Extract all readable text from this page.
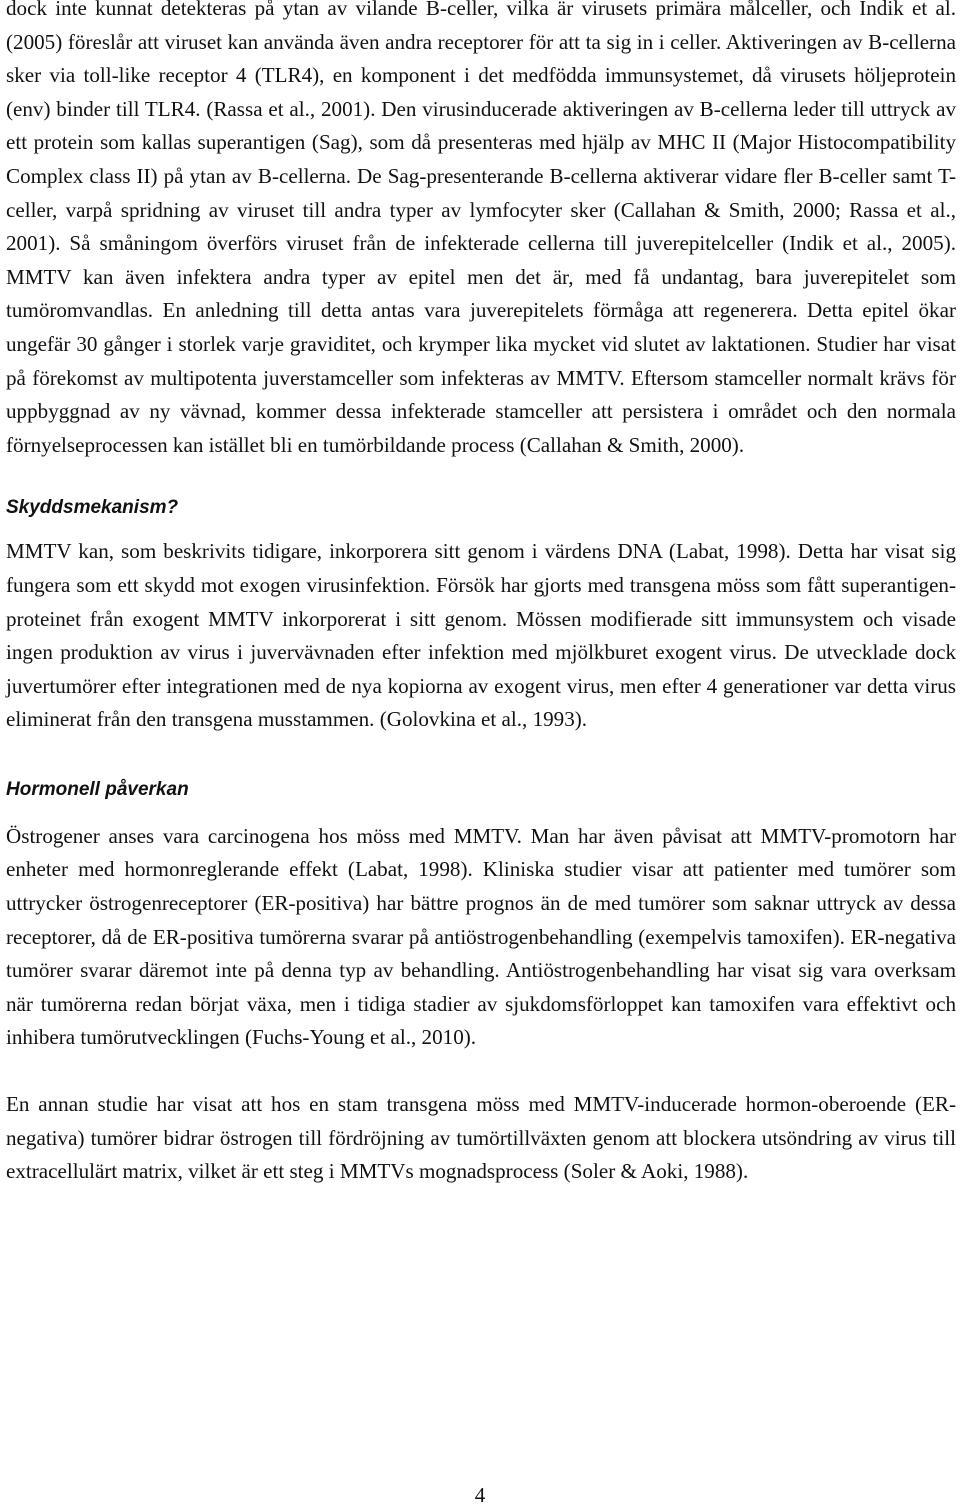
dock inte kunnat detekteras på ytan av vilande B-celler, vilka är virusets primära målceller, och Indik et al. (2005) föreslår att viruset kan använda även andra receptorer för att ta sig in i celler. Aktiveringen av B-cellerna sker via toll-like receptor 4 (TLR4), en komponent i det medfödda immunsystemet, då virusets höljeprotein (env) binder till TLR4. (Rassa et al., 2001). Den virusinducerade aktiveringen av B-cellerna leder till uttryck av ett protein som kallas superantigen (Sag), som då presenteras med hjälp av MHC II (Major Histocompatibility Complex class II) på ytan av B-cellerna. De Sag-presenterande B-cellerna aktiverar vidare fler B-celler samt T-celler, varpå spridning av viruset till andra typer av lymfocyter sker (Callahan & Smith, 2000; Rassa et al., 2001). Så småningom överförs viruset från de infekterade cellerna till juverepitelceller (Indik et al., 2005). MMTV kan även infektera andra typer av epitel men det är, med få undantag, bara juverepitelet som tumöromvandlas. En anledning till detta antas vara juverepitelets förmåga att regenerera. Detta epitel ökar ungefär 30 gånger i storlek varje graviditet, och krymper lika mycket vid slutet av laktationen. Studier har visat på förekomst av multipotenta juverstamceller som infekteras av MMTV. Eftersom stamceller normalt krävs för uppbyggnad av ny vävnad, kommer dessa infekterade stamceller att persistera i området och den normala förnyelseprocessen kan istället bli en tumörbildande process (Callahan & Smith, 2000).

Skyddsmekanism?

MMTV kan, som beskrivits tidigare, inkorporera sitt genom i värdens DNA (Labat, 1998). Detta har visat sig fungera som ett skydd mot exogen virusinfektion. Försök har gjorts med transgena möss som fått superantigen-proteinet från exogent MMTV inkorporerat i sitt genom. Mössen modifierade sitt immunsystem och visade ingen produktion av virus i juvervävnaden efter infektion med mjölkburet exogent virus. De utvecklade dock juvertumörer efter integrationen med de nya kopiorna av exogent virus, men efter 4 generationer var detta virus eliminerat från den transgena musstammen. (Golovkina et al., 1993).

Hormonell påverkan

Östrogener anses vara carcinogena hos möss med MMTV. Man har även påvisat att MMTV-promotorn har enheter med hormonreglerande effekt (Labat, 1998). Kliniska studier visar att patienter med tumörer som uttrycker östrogenreceptorer (ER-positiva) har bättre prognos än de med tumörer som saknar uttryck av dessa receptorer, då de ER-positiva tumörerna svarar på antiöstrogenbehandling (exempelvis tamoxifen). ER-negativa tumörer svarar däremot inte på denna typ av behandling. Antiöstrogenbehandling har visat sig vara overksam när tumörerna redan börjat växa, men i tidiga stadier av sjukdomsförloppet kan tamoxifen vara effektivt och inhibera tumörutvecklingen (Fuchs-Young et al., 2010).

En annan studie har visat att hos en stam transgena möss med MMTV-inducerade hormon-oberoende (ER-negativa) tumörer bidrar östrogen till fördröjning av tumörtillväxten genom att blockera utsöndring av virus till extracellulärt matrix, vilket är ett steg i MMTVs mognadsprocess (Soler & Aoki, 1988).

4
